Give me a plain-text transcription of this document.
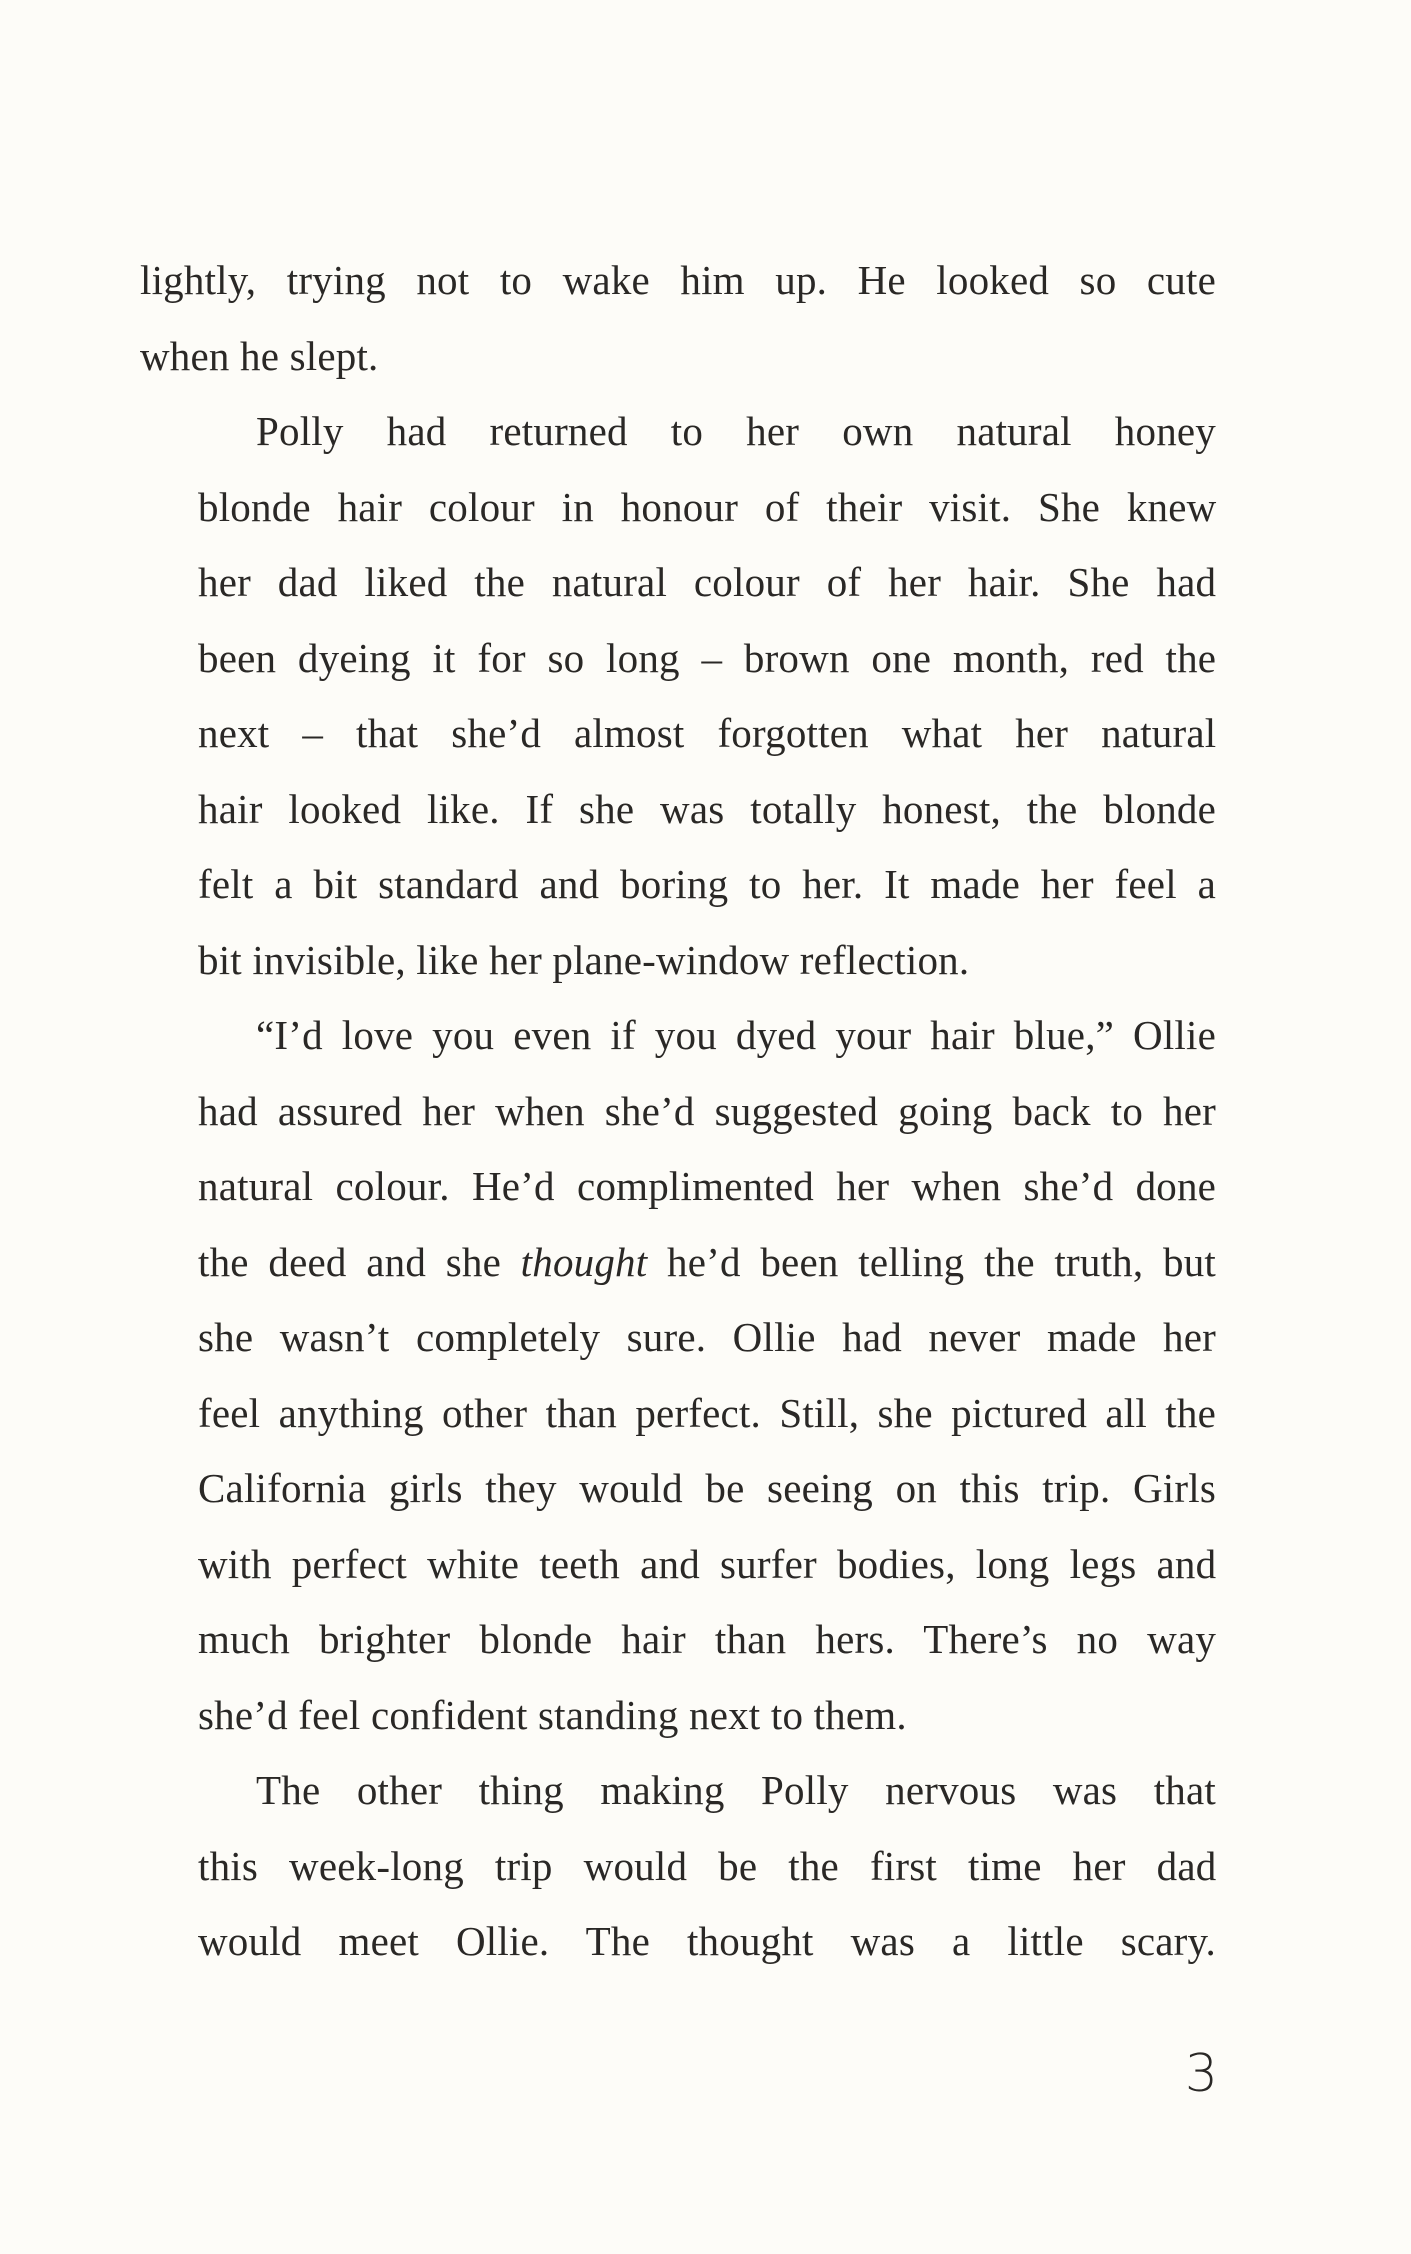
lightly, trying not to wake him up. He looked so cute
when he slept.
Polly had returned to her own natural honey
blonde hair colour in honour of their visit. She knew
her dad liked the natural colour of her hair. She had
been dyeing it for so long – brown one month, red the
next – that she’d almost forgotten what her natural
hair looked like. If she was totally honest, the blonde
felt a bit standard and boring to her. It made her feel a
bit invisible, like her plane-window reflection.
“I’d love you even if you dyed your hair blue,” Ollie
had assured her when she’d suggested going back to her
natural colour. He’d complimented her when she’d done
the deed and she thought he’d been telling the truth, but
she wasn’t completely sure. Ollie had never made her
feel anything other than perfect. Still, she pictured all the
California girls they would be seeing on this trip. Girls
with perfect white teeth and surfer bodies, long legs and
much brighter blonde hair than hers. There’s no way
she’d feel confident standing next to them.
The other thing making Polly nervous was that
this week-long trip would be the first time her dad
would meet Ollie. The thought was a little scary.
3
